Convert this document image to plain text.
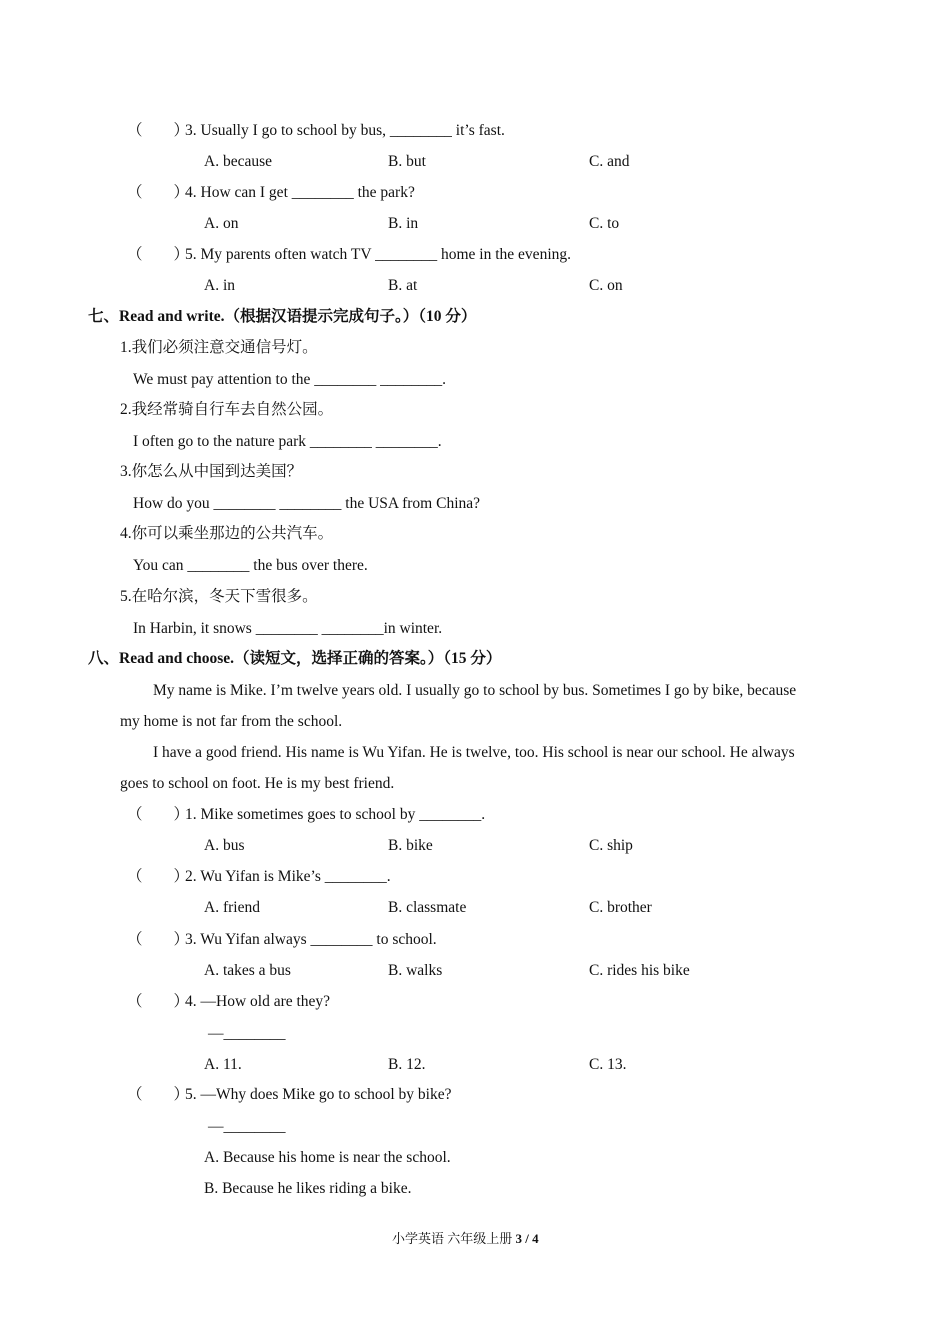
（　　）3. Usually I go to school by bus, ________ it’s fast.
A. because	B. but	C. and
（　　）4. How can I get ________ the park?
A. on	B. in	C. to
（　　）5. My parents often watch TV ________ home in the evening.
A. in	B. at	C. on
七、Read and write.（根据汉语提示完成句子。）（10 分）
1.我们必须注意交通信号灯。
We must pay attention to the ________ ________.
2.我经常骑自行车去自然公园。
I often go to the nature park ________ ________.
3.你怎么从中国到达美国？
How do you ________ ________ the USA from China?
4.你可以乘坐那边的公共汽车。
You can ________ the bus over there.
5.在哈尔滨，冬天下雪很多。
In Harbin, it snows ________ ________in winter.
八、Read and choose.（读短文，选择正确的答案。）（15 分）
My name is Mike. I’m twelve years old. I usually go to school by bus. Sometimes I go by bike, because
my home is not far from the school.
I have a good friend. His name is Wu Yifan. He is twelve, too. His school is near our school. He always
goes to school on foot. He is my best friend.
（　　）1. Mike sometimes goes to school by ________.
A. bus	B. bike	C. ship
（　　）2. Wu Yifan is Mike’s ________.
A. friend	B. classmate	C. brother
（　　）3. Wu Yifan always ________ to school.
A. takes a bus	B. walks	C. rides his bike
（　　）4. —How old are they?
—________
A. 11.	B. 12.	C. 13.
（　　）5. —Why does Mike go to school by bike?
—________
A. Because his home is near the school.
B. Because he likes riding a bike.
小学英语 六年级上册 3 / 4
